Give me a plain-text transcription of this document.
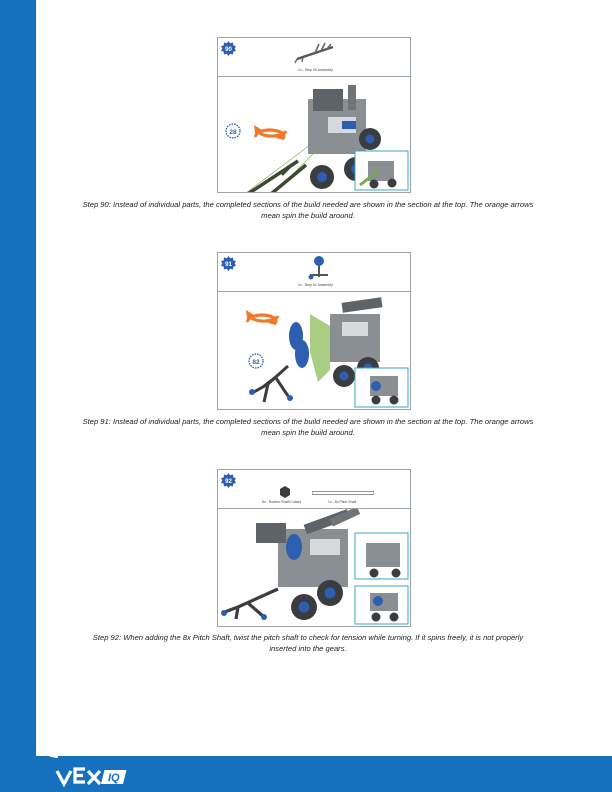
IQ
90
1x - Step 90 Assembly
28
Step 90: Instead of individual parts, the completed sections of the build needed are shown in the section at the top. The orange arrows mean spin the build around.
91
1x - Step 91 Assembly
82
Step 91: Instead of individual parts, the completed sections of the build needed are shown in the section at the top. The orange arrows mean spin the build around.
92
8x - Rubber Shaft Collars	1x - 8x Pitch Shaft
Step 92: When adding the 8x Pitch Shaft, twist the pitch shaft to check for tension while turning. If it spins freely, it is not properly inserted into the gears.
